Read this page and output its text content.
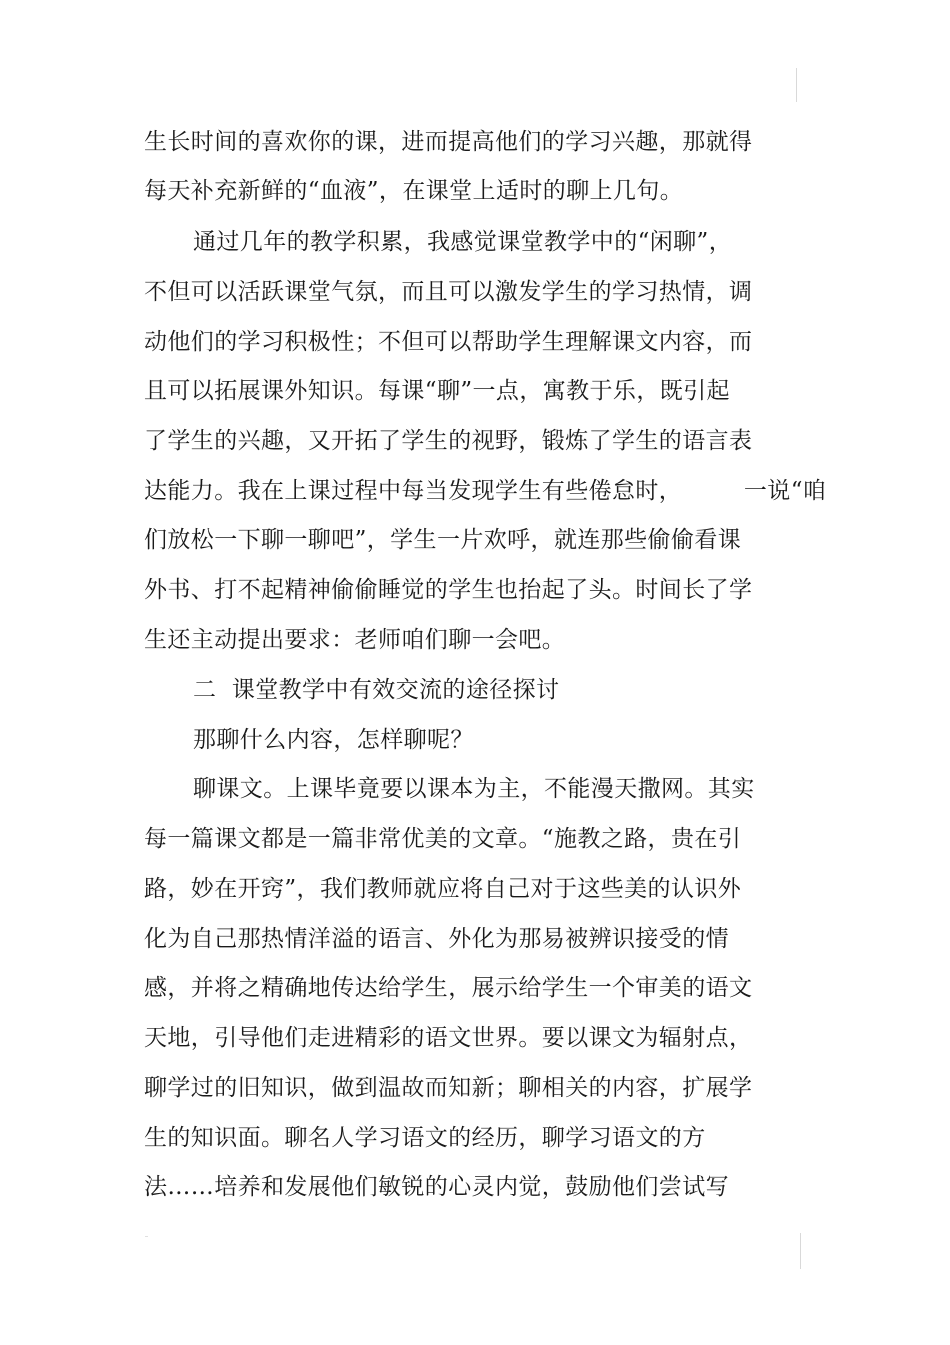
生长时间的喜欢你的课，进而提高他们的学习兴趣，那就得
每天补充新鲜的“血液”，在课堂上适时的聊上几句。
通过几年的教学积累，我感觉课堂教学中的“闲聊”，
不但可以活跃课堂气氛，而且可以激发学生的学习热情，调
动他们的学习积极性；不但可以帮助学生理解课文内容，而
且可以拓展课外知识。每课“聊”一点，寓教于乐，既引起
了学生的兴趣，又开拓了学生的视野，锻炼了学生的语言表
达能力。我在上课过程中每当发现学生有些倦怠时，        一说“咱
们放松一下聊一聊吧”，学生一片欢呼，就连那些偷偷看课
外书、打不起精神偷偷睡觉的学生也抬起了头。时间长了学
生还主动提出要求：老师咱们聊一会吧。
二  课堂教学中有效交流的途径探讨
那聊什么内容，怎样聊呢？
聊课文。上课毕竟要以课本为主，不能漫天撒网。其实
每一篇课文都是一篇非常优美的文章。“施教之路，贵在引
路，妙在开窍”，我们教师就应将自己对于这些美的认识外
化为自己那热情洋溢的语言、外化为那易被辨识接受的情
感，并将之精确地传达给学生，展示给学生一个审美的语文
天地，引导他们走进精彩的语文世界。要以课文为辐射点，
聊学过的旧知识，做到温故而知新；聊相关的内容，扩展学
生的知识面。聊名人学习语文的经历，聊学习语文的方
法……培养和发展他们敏锐的心灵内觉，鼓励他们尝试写
